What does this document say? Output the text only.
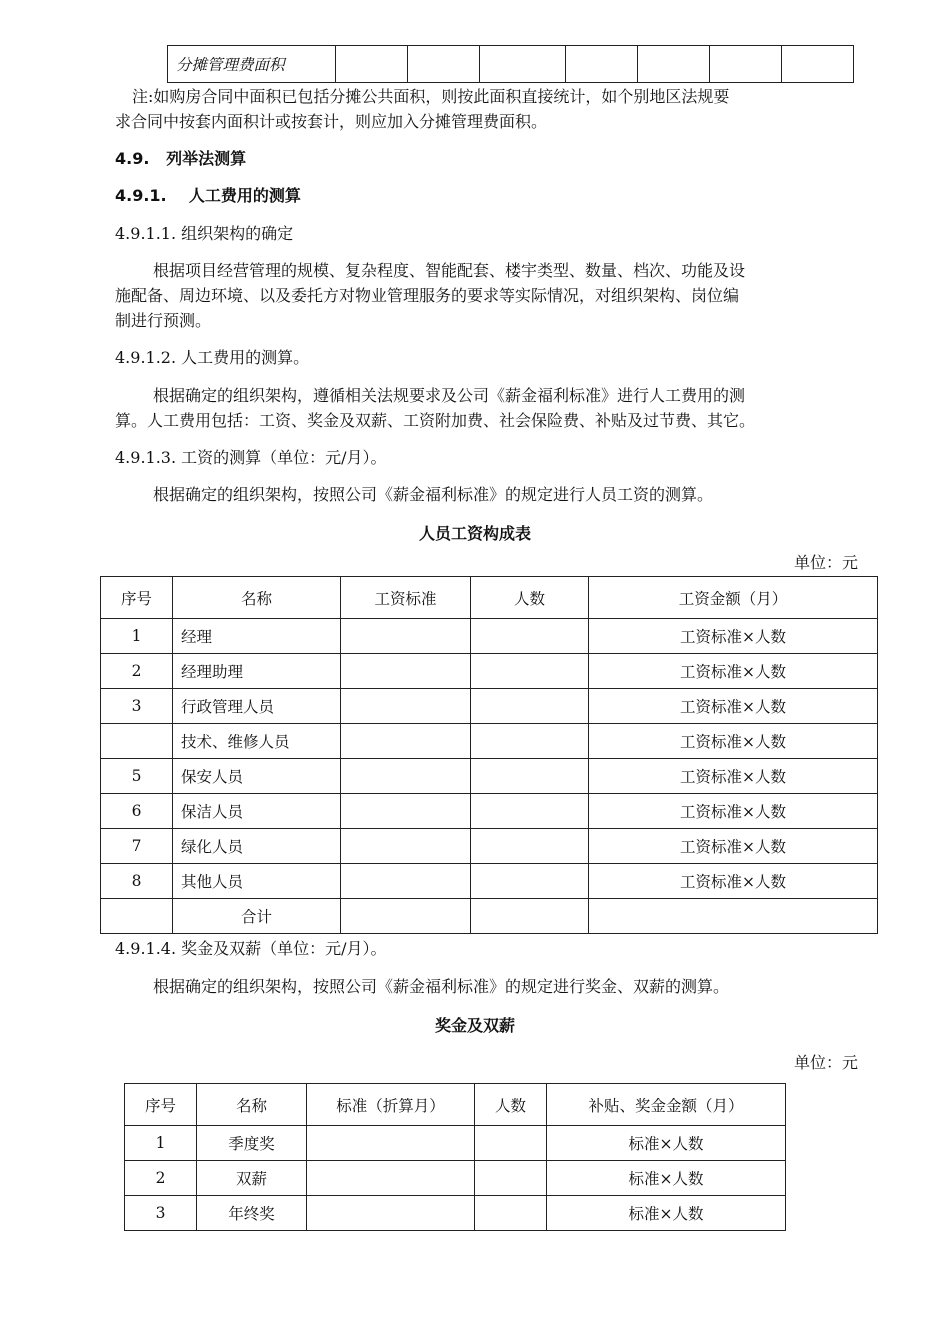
分摊管理费面积							

注:如购房合同中面积已包括分摊公共面积，则按此面积直接统计，如个别地区法规要

求合同中按套内面积计或按套计，则应加入分摊管理费面积。

4.9.   列举法测算

4.9.1.    人工费用的测算

4.9.1.1. 组织架构的确定

根据项目经营管理的规模、复杂程度、智能配套、楼宇类型、数量、档次、功能及设

施配备、周边环境、以及委托方对物业管理服务的要求等实际情况，对组织架构、岗位编

制进行预测。

4.9.1.2. 人工费用的测算。

根据确定的组织架构，遵循相关法规要求及公司《薪金福利标准》进行人工费用的测

算。人工费用包括：工资、奖金及双薪、工资附加费、社会保险费、补贴及过节费、其它。

4.9.1.3. 工资的测算（单位：元/月）。

根据确定的组织架构，按照公司《薪金福利标准》的规定进行人员工资的测算。

人员工资构成表

单位：元

序号	名称	工资标准	人数	工资金额（月）
1	经理			工资标准×人数
2	经理助理			工资标准×人数
3	行政管理人员			工资标准×人数
	技术、维修人员			工资标准×人数
5	保安人员			工资标准×人数
6	保洁人员			工资标准×人数
7	绿化人员			工资标准×人数
8	其他人员			工资标准×人数
	合计			

4.9.1.4. 奖金及双薪（单位：元/月）。

根据确定的组织架构，按照公司《薪金福利标准》的规定进行奖金、双薪的测算。

奖金及双薪

单位：元

序号	名称	标准（折算月）	人数	补贴、奖金金额（月）
1	季度奖			标准×人数
2	双薪			标准×人数
3	年终奖			标准×人数
